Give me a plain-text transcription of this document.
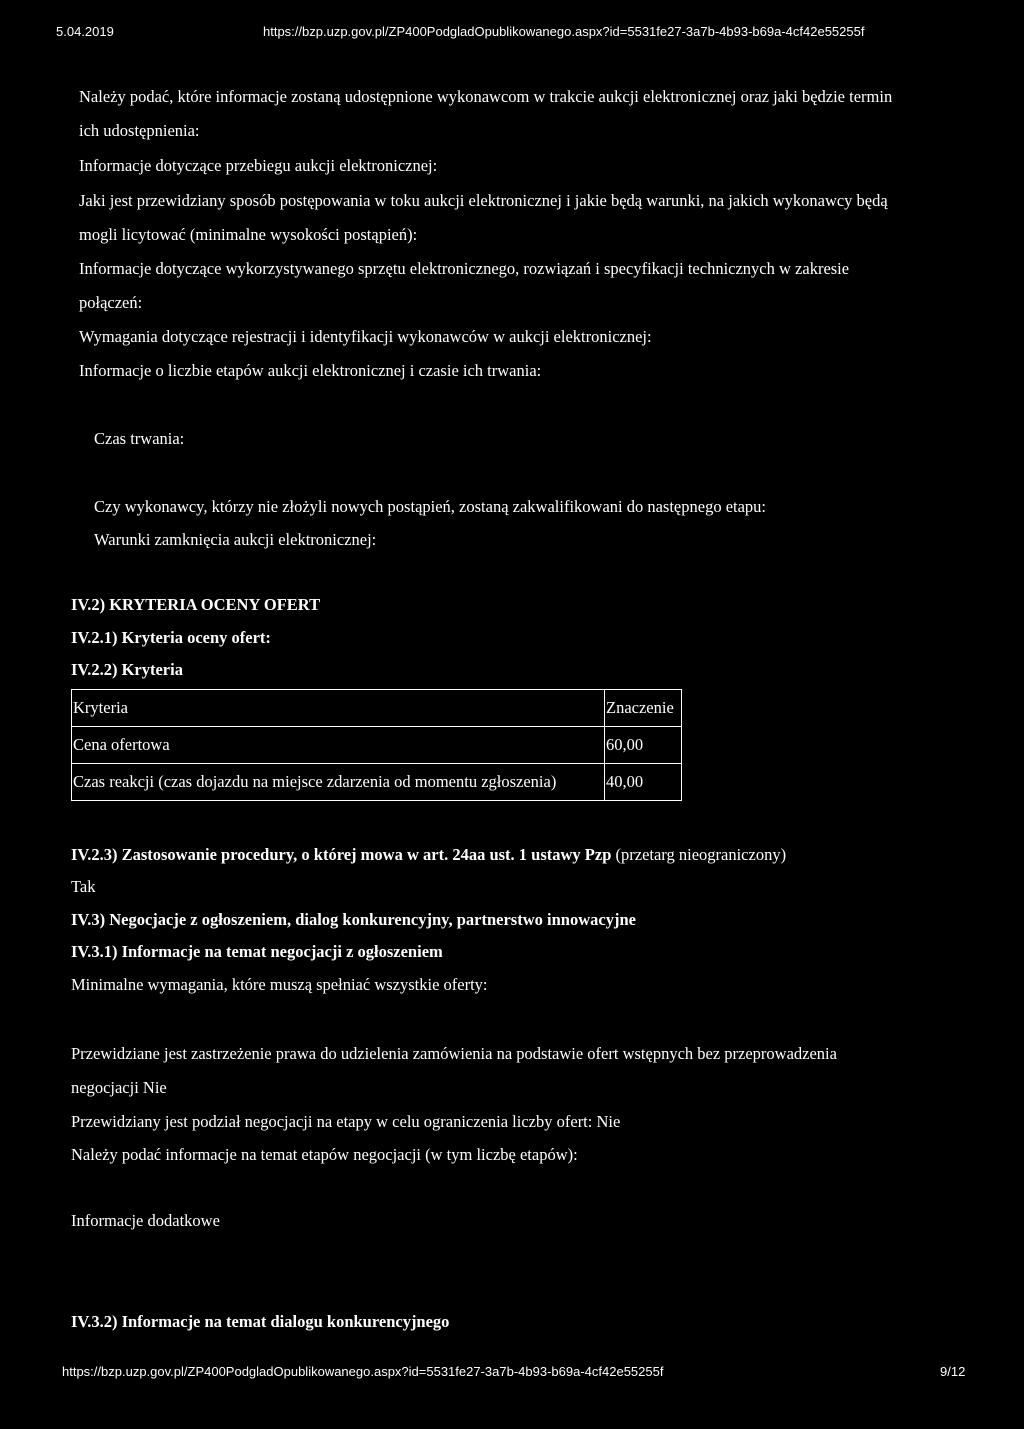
5.04.2019	https://bzp.uzp.gov.pl/ZP400PodgladOpublikowanego.aspx?id=5531fe27-3a7b-4b93-b69a-4cf42e55255f
Należy podać, które informacje zostaną udostępnione wykonawcom w trakcie aukcji elektronicznej oraz jaki będzie termin
ich udostępnienia:
Informacje dotyczące przebiegu aukcji elektronicznej:
Jaki jest przewidziany sposób postępowania w toku aukcji elektronicznej i jakie będą warunki, na jakich wykonawcy będą
mogli licytować (minimalne wysokości postąpień):
Informacje dotyczące wykorzystywanego sprzętu elektronicznego, rozwiązań i specyfikacji technicznych w zakresie
połączeń:
Wymagania dotyczące rejestracji i identyfikacji wykonawców w aukcji elektronicznej:
Informacje o liczbie etapów aukcji elektronicznej i czasie ich trwania:
Czas trwania:
Czy wykonawcy, którzy nie złożyli nowych postąpień, zostaną zakwalifikowani do następnego etapu:
Warunki zamknięcia aukcji elektronicznej:
IV.2) KRYTERIA OCENY OFERT
IV.2.1) Kryteria oceny ofert:
IV.2.2) Kryteria
Kryteria	Znaczenie
Cena ofertowa	60,00
Czas reakcji (czas dojazdu na miejsce zdarzenia od momentu zgłoszenia)	40,00
IV.2.3) Zastosowanie procedury, o której mowa w art. 24aa ust. 1 ustawy Pzp (przetarg nieograniczony)
Tak
IV.3) Negocjacje z ogłoszeniem, dialog konkurencyjny, partnerstwo innowacyjne
IV.3.1) Informacje na temat negocjacji z ogłoszeniem
Minimalne wymagania, które muszą spełniać wszystkie oferty:
Przewidziane jest zastrzeżenie prawa do udzielenia zamówienia na podstawie ofert wstępnych bez przeprowadzenia
negocjacji Nie
Przewidziany jest podział negocjacji na etapy w celu ograniczenia liczby ofert: Nie
Należy podać informacje na temat etapów negocjacji (w tym liczbę etapów):
Informacje dodatkowe
IV.3.2) Informacje na temat dialogu konkurencyjnego
https://bzp.uzp.gov.pl/ZP400PodgladOpublikowanego.aspx?id=5531fe27-3a7b-4b93-b69a-4cf42e55255f	9/12
